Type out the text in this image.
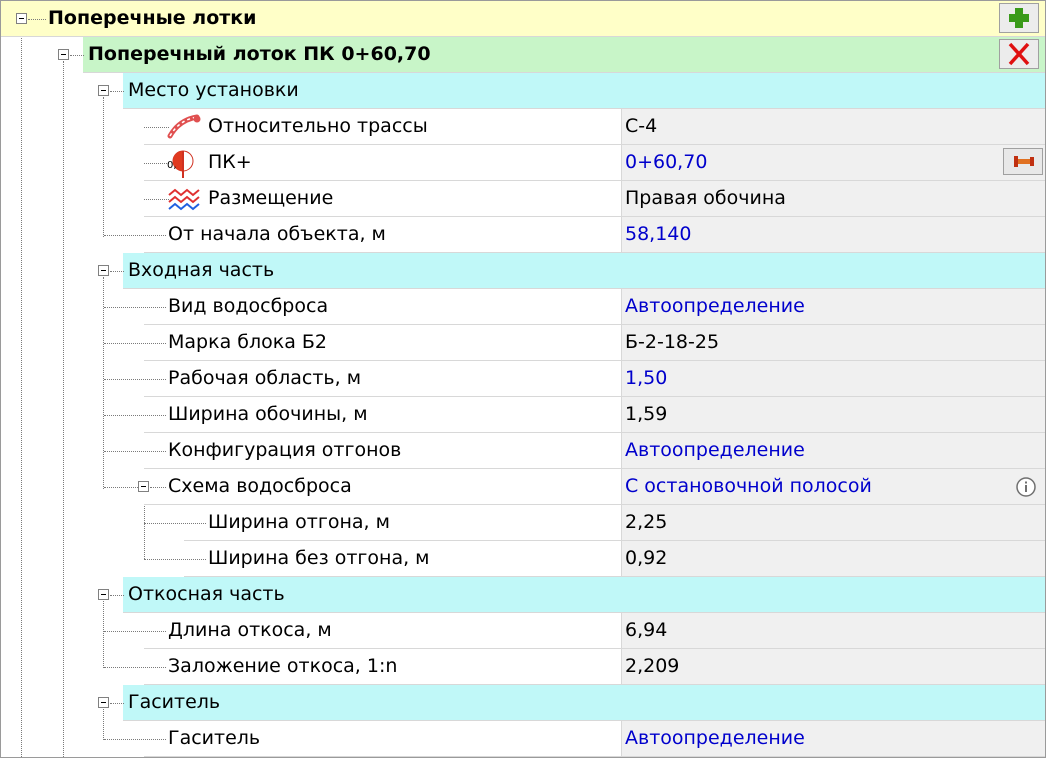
Поперечные лотки
Поперечный лоток ПК 0+60,70
Место установки
Относительно трассы	С-4
0, ПК+	0+60,70
Размещение	Правая обочина
От начала объекта, м	58,140
Входная часть
Вид водосброса	Автоопределение
Марка блока Б2	Б-2-18-25
Рабочая область, м	1,50
Ширина обочины, м	1,59
Конфигурация отгонов	Автоопределение
Схема водосброса	С остановочной полосой
Ширина отгона, м	2,25
Ширина без отгона, м	0,92
Откосная часть
Длина откоса, м	6,94
Заложение откоса, 1:n	2,209
Гаситель
Гаситель	Автоопределение
